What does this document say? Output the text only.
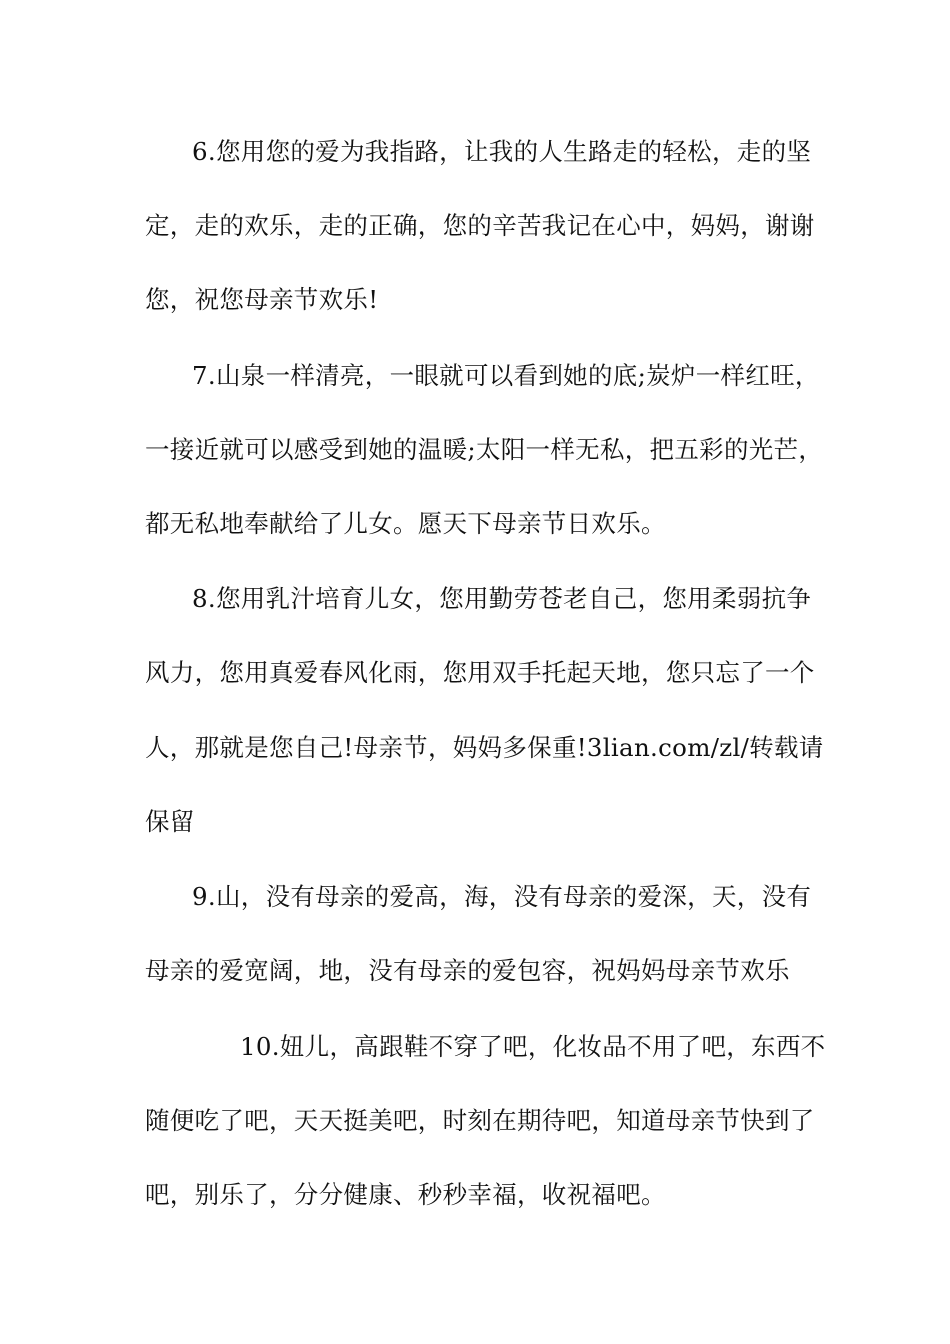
6.您用您的爱为我指路，让我的人生路走的轻松，走的坚
定，走的欢乐，走的正确，您的辛苦我记在心中，妈妈，谢谢
您，祝您母亲节欢乐!
7.山泉一样清亮，一眼就可以看到她的底;炭炉一样红旺，
一接近就可以感受到她的温暖;太阳一样无私，把五彩的光芒，
都无私地奉献给了儿女。愿天下母亲节日欢乐。
8.您用乳汁培育儿女，您用勤劳苍老自己，您用柔弱抗争
风力，您用真爱春风化雨，您用双手托起天地，您只忘了一个
人，那就是您自己!母亲节，妈妈多保重!3lian.com/zl/转载请
保留
9.山，没有母亲的爱高，海，没有母亲的爱深，天，没有
母亲的爱宽阔，地，没有母亲的爱包容，祝妈妈母亲节欢乐
10.妞儿，高跟鞋不穿了吧，化妆品不用了吧，东西不
随便吃了吧，天天挺美吧，时刻在期待吧，知道母亲节快到了
吧，别乐了，分分健康、秒秒幸福，收祝福吧。
